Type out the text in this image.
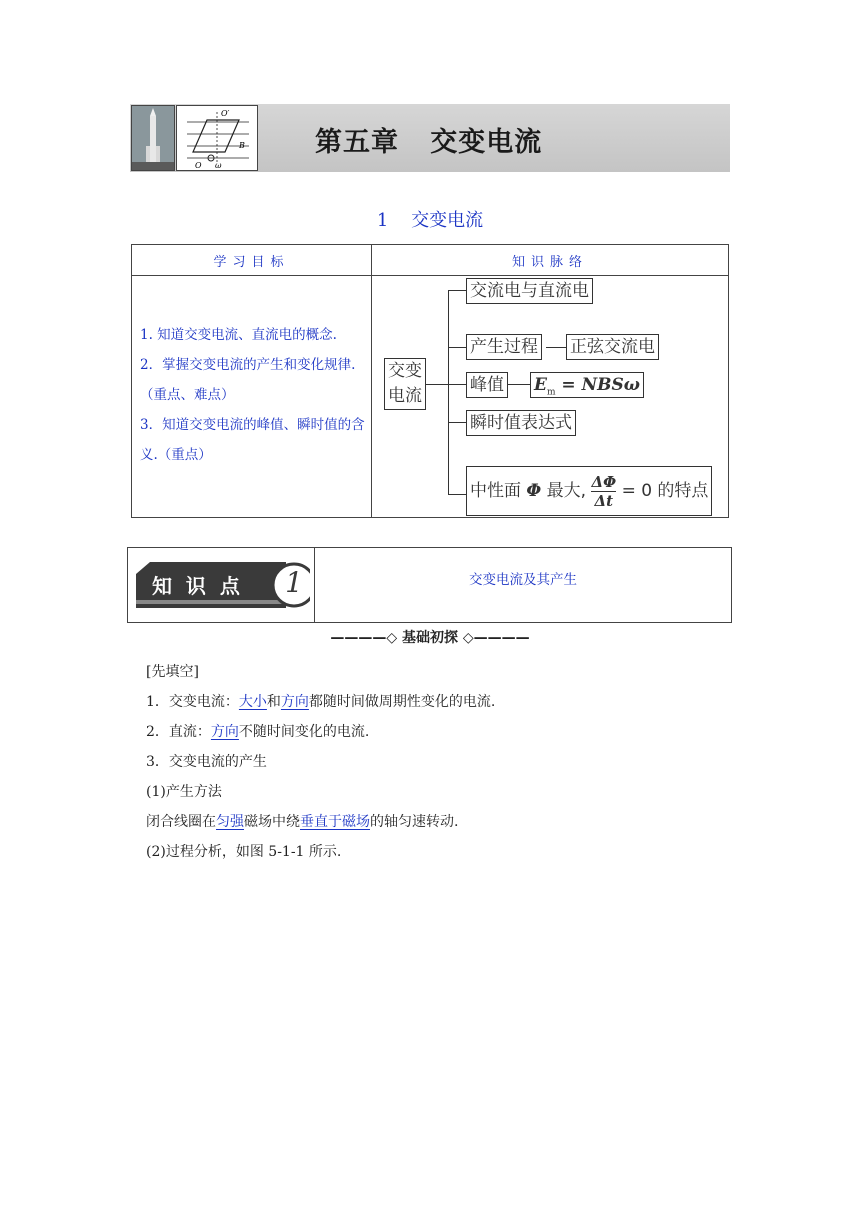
O′
B
O ω
第五章   交变电流
1    交变电流
学习目标	知识脉络

1. 知道交变电流、直流电的概念.

2．掌握交变电流的产生和变化规律.（重点、难点）

3．知道交变电流的峰值、瞬时值的含义.（重点）

交变
电流
交流电与直流电
产生过程 正弦交流电
峰值 $E_m = NBS\omega$
瞬时值表达式
中性面 Φ 最大, $\frac{\Delta\Phi}{\Delta t} = 0$ 的特点
知  识  点 1	交变电流及其产生
————◇ 基础初探 ◇————

[先填空]

1．交变电流：大小和方向都随时间做周期性变化的电流.

2．直流：方向不随时间变化的电流.

3．交变电流的产生

(1)产生方法

闭合线圈在匀强磁场中绕垂直于磁场的轴匀速转动.

(2)过程分析，如图 5-1-1 所示.
